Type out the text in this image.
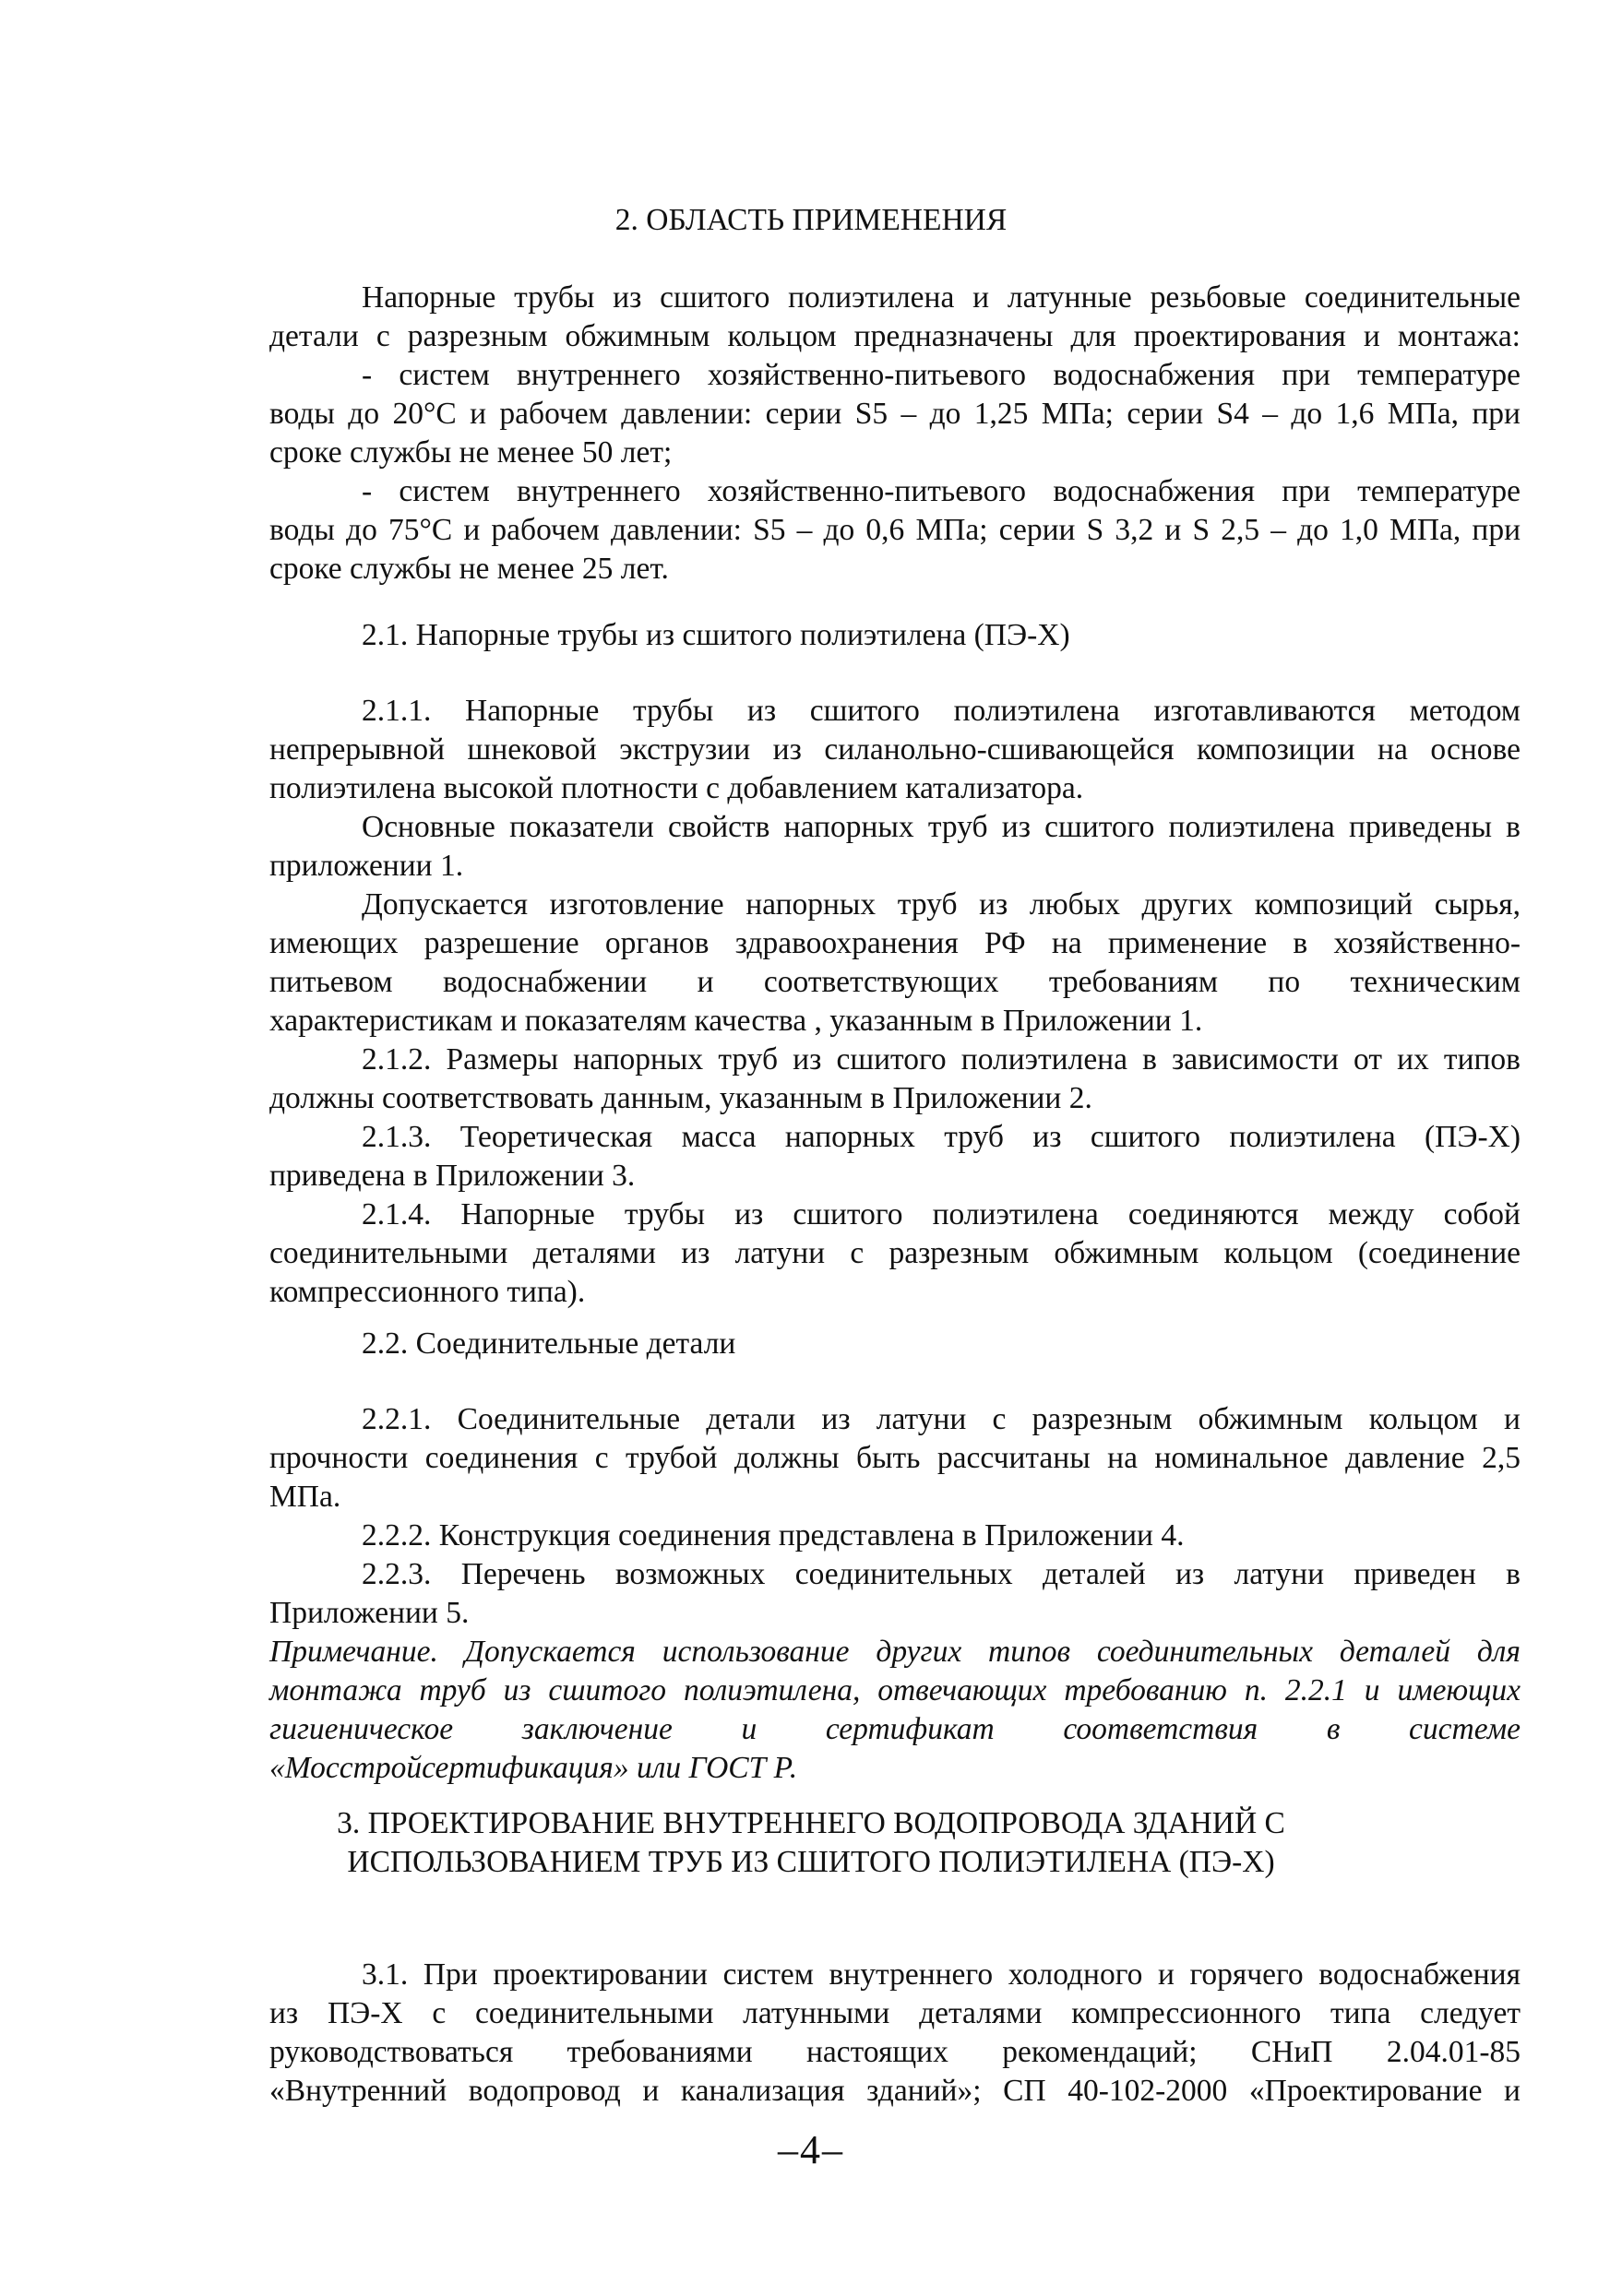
2. ОБЛАСТЬ ПРИМЕНЕНИЯ
Напорные трубы из сшитого полиэтилена и латунные резьбовые соединительные
детали с разрезным обжимным кольцом предназначены для проектирования и монтажа:
- систем внутреннего хозяйственно-питьевого водоснабжения при температуре
воды до 20°С и рабочем давлении: серии S5 – до 1,25 МПа; серии S4 – до 1,6 МПа, при
сроке службы не менее 50 лет;
- систем внутреннего хозяйственно-питьевого водоснабжения при температуре
воды до 75°С и рабочем давлении: S5 – до 0,6 МПа; серии S 3,2 и S 2,5 – до 1,0 МПа, при
сроке службы не менее 25 лет.
2.1. Напорные трубы из сшитого полиэтилена (ПЭ-Х)
2.1.1. Напорные трубы из сшитого полиэтилена изготавливаются методом
непрерывной шнековой экструзии из силанольно-сшивающейся композиции на основе
полиэтилена высокой плотности с добавлением катализатора.
Основные показатели свойств напорных труб из сшитого полиэтилена приведены в
приложении 1.
Допускается изготовление напорных труб из любых других композиций сырья,
имеющих разрешение органов здравоохранения РФ на применение в хозяйственно-
питьевом водоснабжении и соответствующих требованиям по техническим
характеристикам и показателям качества , указанным в Приложении 1.
2.1.2. Размеры напорных труб из сшитого полиэтилена в зависимости от их типов
должны соответствовать данным, указанным в Приложении 2.
2.1.3. Теоретическая масса напорных труб из сшитого полиэтилена (ПЭ-Х)
приведена в Приложении 3.
2.1.4. Напорные трубы из сшитого полиэтилена соединяются между собой
соединительными деталями из латуни с разрезным обжимным кольцом (соединение
компрессионного типа).
2.2. Соединительные детали
2.2.1. Соединительные детали из латуни с разрезным обжимным кольцом и
прочности соединения с трубой должны быть рассчитаны на номинальное давление 2,5
МПа.
2.2.2. Конструкция соединения представлена в Приложении 4.
2.2.3. Перечень возможных соединительных деталей из латуни приведен в
Приложении 5.
Примечание. Допускается использование других типов соединительных деталей для
монтажа труб из сшитого полиэтилена, отвечающих требованию п. 2.2.1 и имеющих
гигиеническое заключение и сертификат соответствия в системе
«Мосстройсертификация» или ГОСТ Р.
3. ПРОЕКТИРОВАНИЕ ВНУТРЕННЕГО ВОДОПРОВОДА ЗДАНИЙ С
ИСПОЛЬЗОВАНИЕМ ТРУБ ИЗ СШИТОГО ПОЛИЭТИЛЕНА (ПЭ-Х)
3.1. При проектировании систем внутреннего холодного и горячего водоснабжения
из ПЭ-Х с соединительными латунными деталями компрессионного типа следует
руководствоваться требованиями настоящих рекомендаций; СНиП 2.04.01-85
«Внутренний водопровод и канализация зданий»; СП 40-102-2000 «Проектирование и
–4–
